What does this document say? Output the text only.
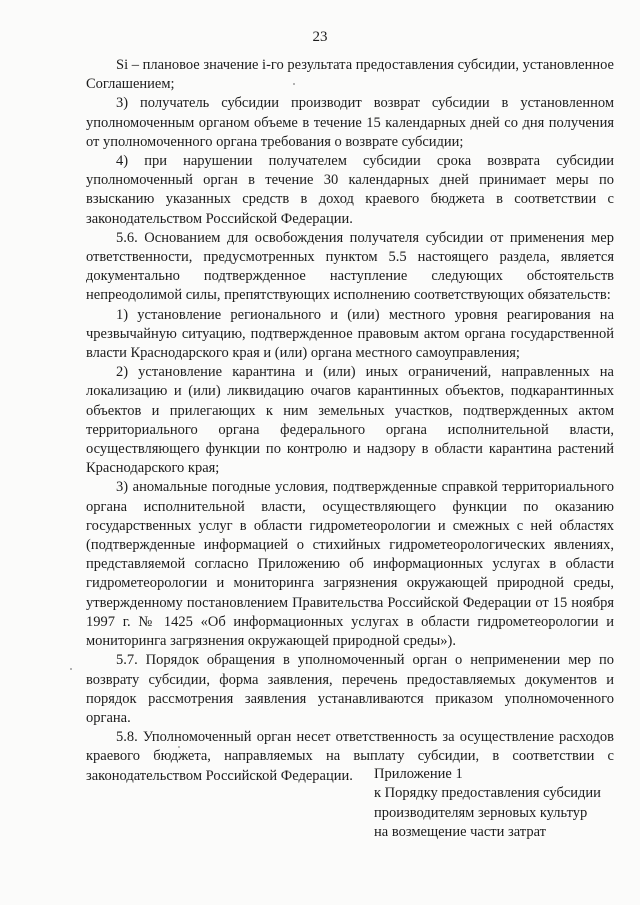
23

Si – плановое значение i-го результата предоставления субсидии, установленное Соглашением;

3) получатель субсидии производит возврат субсидии в установленном уполномоченным органом объеме в течение 15 календарных дней со дня получения от уполномоченного органа требования о возврате субсидии;

4) при нарушении получателем субсидии срока возврата субсидии уполномоченный орган в течение 30 календарных дней принимает меры по взысканию указанных средств в доход краевого бюджета в соответствии с законодательством Российской Федерации.

5.6. Основанием для освобождения получателя субсидии от применения мер ответственности, предусмотренных пунктом 5.5 настоящего раздела, является документально подтвержденное наступление следующих обстоятельств непреодолимой силы, препятствующих исполнению соответствующих обязательств:

1) установление регионального и (или) местного уровня реагирования на чрезвычайную ситуацию, подтвержденное правовым актом органа государственной власти Краснодарского края и (или) органа местного самоуправления;

2) установление карантина и (или) иных ограничений, направленных на локализацию и (или) ликвидацию очагов карантинных объектов, подкарантинных объектов и прилегающих к ним земельных участков, подтвержденных актом территориального органа федерального органа исполнительной власти, осуществляющего функции по контролю и надзору в области карантина растений Краснодарского края;

3) аномальные погодные условия, подтвержденные справкой территориального органа исполнительной власти, осуществляющего функции по оказанию государственных услуг в области гидрометеорологии и смежных с ней областях (подтвержденные информацией о стихийных гидрометеорологических явлениях, представляемой согласно Приложению об информационных услугах в области гидрометеорологии и мониторинга загрязнения окружающей природной среды, утвержденному постановлением Правительства Российской Федерации от 15 ноября 1997 г. № 1425 «Об информационных услугах в области гидрометеорологии и мониторинга загрязнения окружающей природной среды»).

5.7. Порядок обращения в уполномоченный орган о неприменении мер по возврату субсидии, форма заявления, перечень предоставляемых документов и порядок рассмотрения заявления устанавливаются приказом уполномоченного органа.

5.8. Уполномоченный орган несет ответственность за осуществление расходов краевого бюджета, направляемых на выплату субсидии, в соответствии с законодательством Российской Федерации.	Приложение 1
к Порядку предоставления субсидии
производителям зерновых культур
на возмещение части затрат
